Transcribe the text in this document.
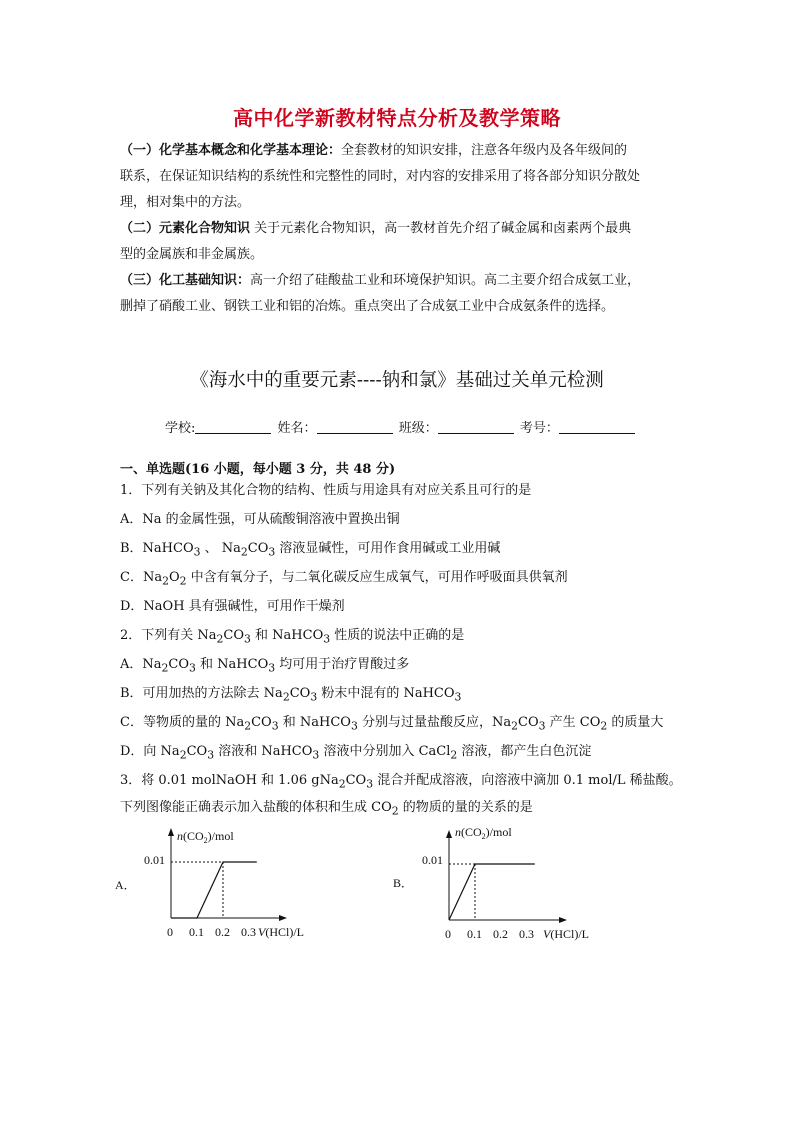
高中化学新教材特点分析及教学策略

（一）化学基本概念和化学基本理论：全套教材的知识安排，注意各年级内及各年级间的

联系，在保证知识结构的系统性和完整性的同时，对内容的安排采用了将各部分知识分散处

理，相对集中的方法。

（二）元素化合物知识 关于元素化合物知识，高一教材首先介绍了碱金属和卤素两个最典

型的金属族和非金属族。

（三）化工基础知识：高一介绍了硅酸盐工业和环境保护知识。高二主要介绍合成氨工业，

删掉了硝酸工业、钢铁工业和铝的冶炼。重点突出了合成氨工业中合成氨条件的选择。

《海水中的重要元素----钠和氯》基础过关单元检测
学校:	姓名：	班级：	考号：
一、单选题(16 小题，每小题 3 分，共 48 分)
1．下列有关钠及其化合物的结构、性质与用途具有对应关系且可行的是
A．Na 的金属性强，可从硫酸铜溶液中置换出铜
B．NaHCO$_3$ 、 $Na_2CO_3$ 溶液显碱性，可用作食用碱或工业用碱
C．$Na_2O_2$ 中含有氧分子，与二氧化碳反应生成氧气，可用作呼吸面具供氧剂
D．NaOH 具有强碱性，可用作干燥剂
2．下列有关 $Na_2CO_3$ 和 NaHCO$_3$ 性质的说法中正确的是
A．$Na_2CO_3$ 和 NaHCO$_3$ 均可用于治疗胃酸过多
B．可用加热的方法除去 $Na_2CO_3$ 粉末中混有的 NaHCO$_3$
C．等物质的量的 $Na_2CO_3$ 和 NaHCO$_3$ 分别与过量盐酸反应，$Na_2CO_3$ 产生 $CO_2$ 的质量大
D．向 $Na_2CO_3$ 溶液和 NaHCO$_3$ 溶液中分别加入 CaCl$_2$ 溶液，都产生白色沉淀
3．将 0.01 molNaOH 和 1.06 $gNa_2CO_3$ 混合并配成溶液，向溶液中滴加 0.1 mol/L 稀盐酸。
下列图像能正确表示加入盐酸的体积和生成 $CO_2$ 的物质的量的关系的是
A．
$n(CO_2)$/mol
0.01
0 0.1 0.2 0.3 V(HCl)/L
B．
$n(CO_2)$/mol
0.01
0 0.1 0.2 0.3 V(HCl)/L
